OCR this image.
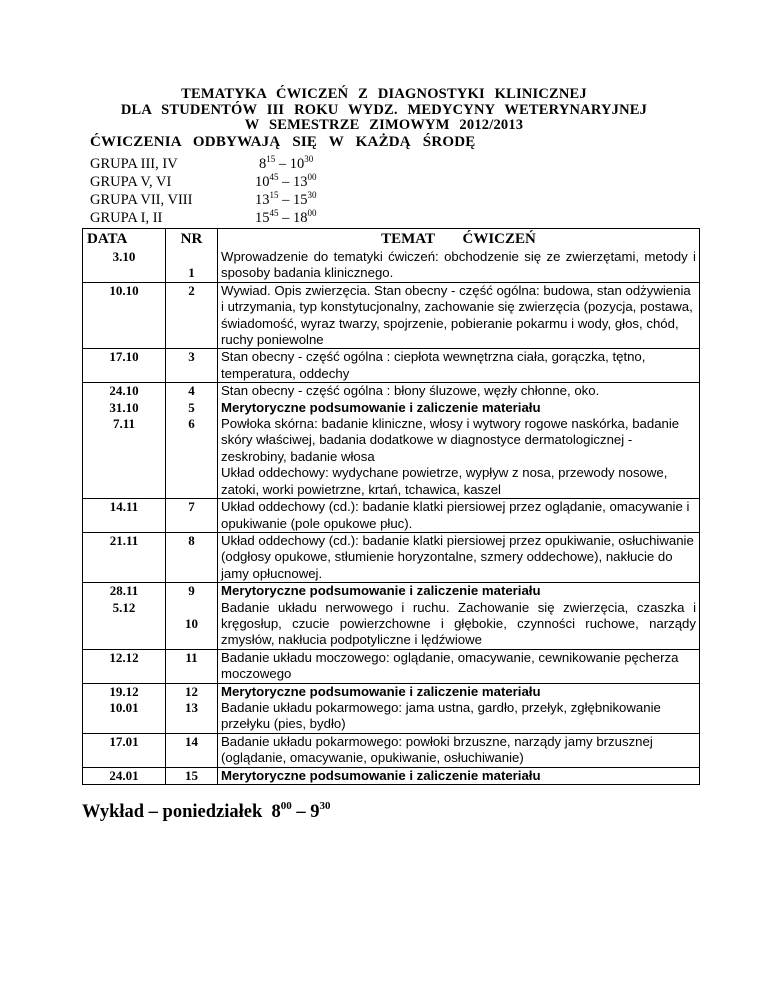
TEMATYKA ĆWICZEŃ Z DIAGNOSTYKI KLINICZNEJ
DLA STUDENTÓW III ROKU WYDZ. MEDYCYNY WETERYNARYJNEJ
W SEMESTRZE ZIMOWYM 2012/2013
ĆWICZENIA ODBYWAJĄ SIĘ W KAŻDĄ ŚRODĘ
GRUPA III, IV	$8^{15} - 10^{30}$
GRUPA V, VI	$10^{45} - 13^{00}$
GRUPA VII, VIII	$13^{15} - 15^{30}$
GRUPA I, II	$15^{45} - 18^{00}$
DATA	NR	TEMAT ĆWICZEŃ
3.10	1	Wprowadzenie do tematyki ćwiczeń: obchodzenie się ze zwierzętami, metody i sposoby badania klinicznego.
10.10	2	Wywiad. Opis zwierzęcia. Stan obecny - część ogólna: budowa, stan odżywienia i utrzymania, typ konstytucjonalny, zachowanie się zwierzęcia (pozycja, postawa, świadomość, wyraz twarzy, spojrzenie, pobieranie pokarmu i wody, głos, chód, ruchy poniewolne
17.10	3	Stan obecny - część ogólna : ciepłota wewnętrzna ciała, gorączka, tętno, temperatura, oddechy
24.10	4	Stan obecny - część ogólna : błony śluzowe, węzły chłonne, oko.
31.10	5	Merytoryczne podsumowanie i zaliczenie materiału
7.11	6	Powłoka skórna: badanie kliniczne, włosy i wytwory rogowe naskórka, badanie skóry właściwej, badania dodatkowe w diagnostyce dermatologicznej - zeskrobiny, badanie włosa
Układ oddechowy: wydychane powietrze, wypływ z nosa, przewody nosowe, zatoki, worki powietrzne, krtań, tchawica, kaszel

14.11	7	Układ oddechowy (cd.): badanie klatki piersiowej przez oglądanie, omacywanie i opukiwanie (pole opukowe płuc).
21.11	8	Układ oddechowy (cd.): badanie klatki piersiowej przez opukiwanie, osłuchiwanie (odgłosy opukowe, stłumienie horyzontalne, szmery oddechowe), nakłucie do jamy opłucnowej.
28.11	9	Merytoryczne podsumowanie i zaliczenie materiału
5.12	10	Badanie układu nerwowego i ruchu. Zachowanie się zwierzęcia, czaszka i kręgosłup, czucie powierzchowne i głębokie, czynności ruchowe, narządy zmysłów, nakłucia podpotyliczne i lędźwiowe
12.12	11	Badanie układu moczowego: oglądanie, omacywanie, cewnikowanie pęcherza moczowego
19.12	12	Merytoryczne podsumowanie i zaliczenie materiału
10.01	13	Badanie układu pokarmowego: jama ustna, gardło, przełyk, zgłębnikowanie przełyku (pies, bydło)
17.01	14	Badanie układu pokarmowego: powłoki brzuszne, narządy jamy brzusznej (oglądanie, omacywanie, opukiwanie, osłuchiwanie)
24.01	15	Merytoryczne podsumowanie i zaliczenie materiału
Wykład – poniedziałek $8^{00} - 9^{30}$
